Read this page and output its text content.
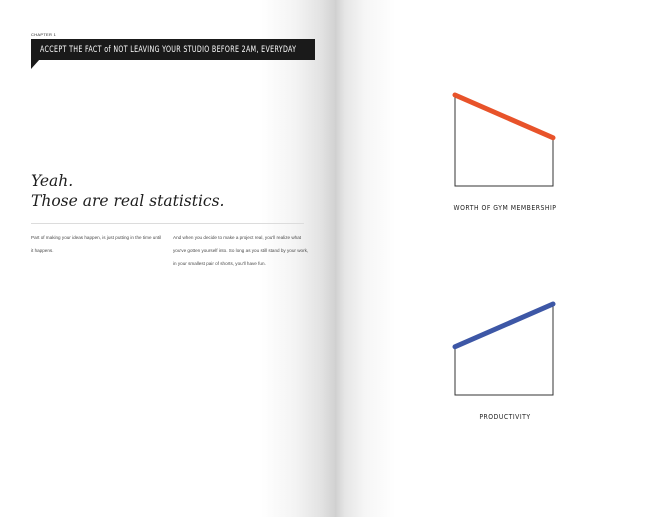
CHAPTER 1
ACCEPT THE FACT of NOT LEAVING YOUR STUDIO BEFORE 2AM, EVERYDAY
Yeah.
Those are real statistics.
Part of making your ideas happen, is just putting in the time until it happens.
And when you decide to make a project real, you'll realize what you've gotten yourself into. So long as you still stand by your work, in your smallest pair of shorts, you'll have fun.
WORTH OF GYM MEMBERSHIP
PRODUCTIVITY
